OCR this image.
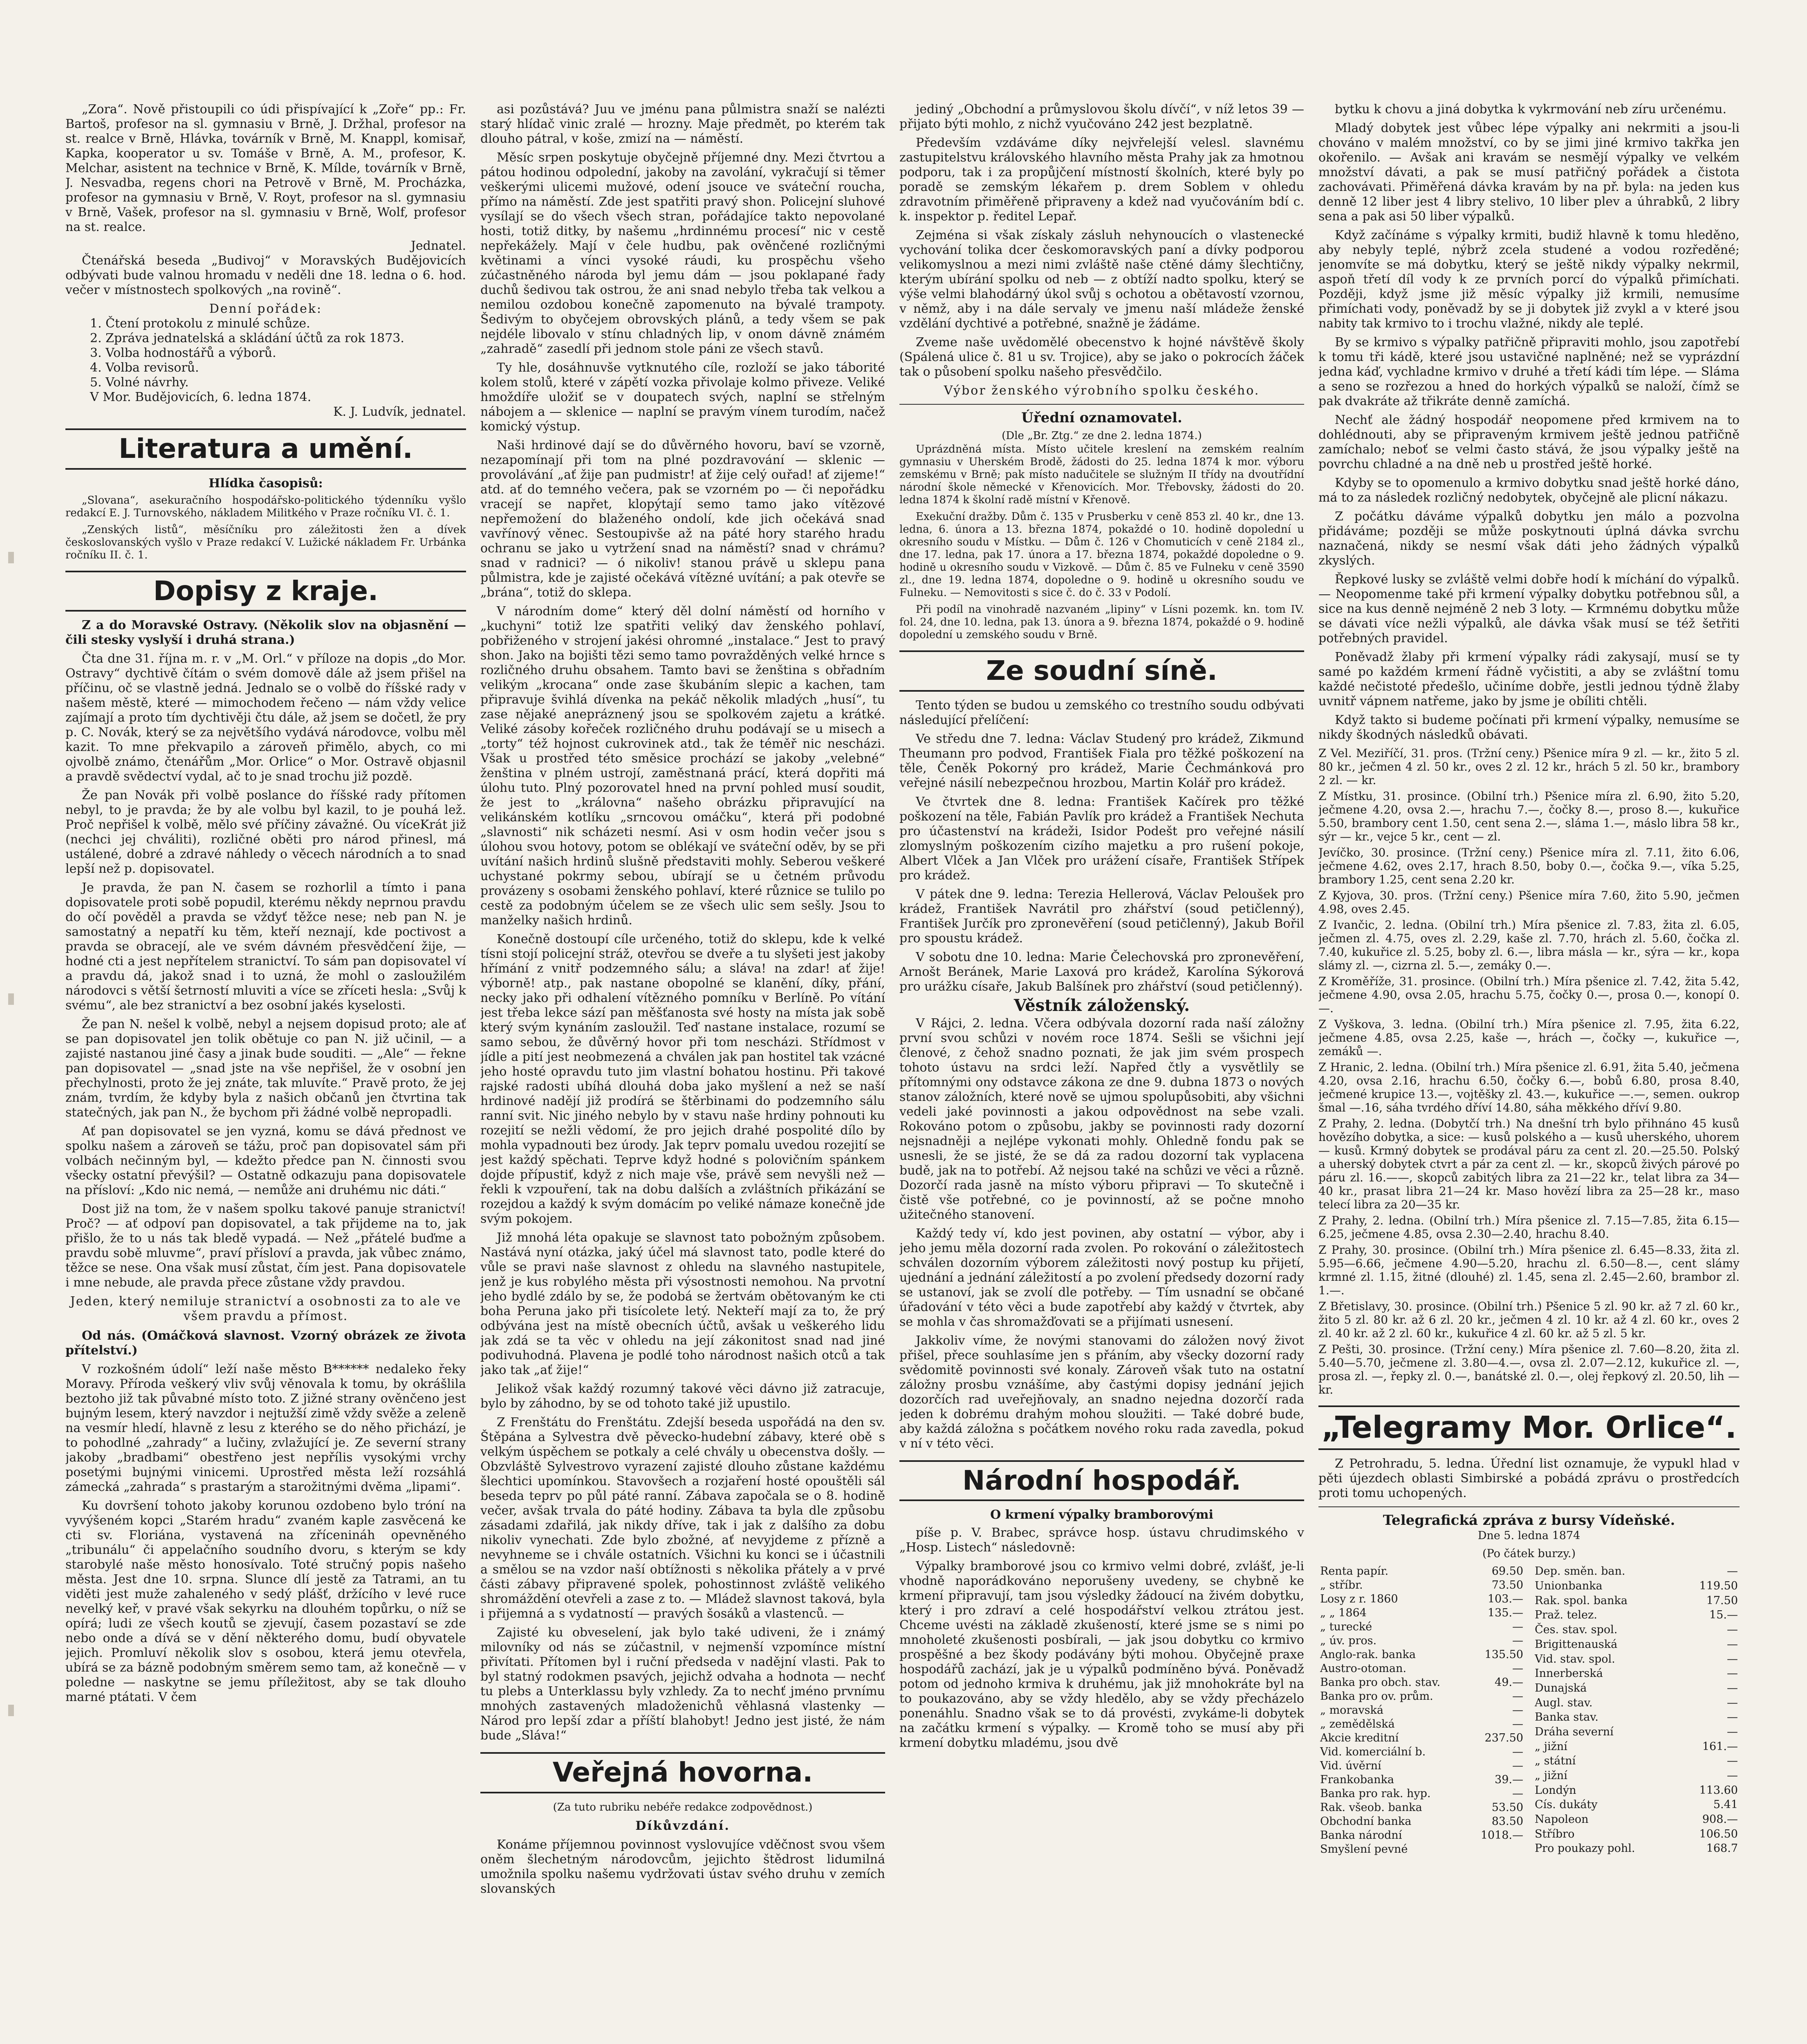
„Zora“. Nově přistoupili co údi přispívající k „Zoře“ pp.: Fr. Bartoš, profesor na sl. gymnasiu v Brně, J. Držhal, profesor na st. realce v Brně, Hlávka, továrník v Brně, M. Knappl, komisař, Kapka, kooperator u sv. Tomáše v Brně, A. M., profesor, K. Melchar, asistent na technice v Brně, K. Mílde, továrník v Brně, J. Nesvadba, regens chori na Petrově v Brně, M. Procházka, profesor na gymnasiu v Brně, V. Royt, profesor na sl. gymnasiu v Brně, Vašek, profesor na sl. gymnasiu v Brně, Wolf, profesor na st. realce.

Jednatel.

Čtenářská beseda „Budivoj“ v Moravských Budějovicích odbývati bude valnou hromadu v neděli dne 18. ledna o 6. hod. večer v místnostech spolkových „na rovině“.

Denní pořádek:
1. Čtení protokolu z minulé schůze.
2. Zpráva jednatelská a skládání účtů za rok 1873.
3. Volba hodnostářů a výborů.
4. Volba revisorů.
5. Volné návrhy.
V Mor. Budějovicích, 6. ledna 1874.
K. J. Ludvík, jednatel.
Literatura a umění.
Hlídka časopisů:

„Slovana“, asekuračního hospodářsko-politického týdenníku vyšlo redakcí E. J. Turnovského, nákladem Militkého v Praze ročníku VI. č. 1.

„Zenských listů“, měsíčníku pro záležitosti žen a dívek českoslovanských vyšlo v Praze redakcí V. Lužické nákladem Fr. Urbánka ročníku II. č. 1.

Dopisy z kraje.

Z a do Moravské Ostravy. (Několik slov na objasnění — čili stesky vyslyší i druhá strana.)

Čta dne 31. října m. r. v „M. Orl.“ v příloze na dopis „do Mor. Ostravy“ dychtivě čítám o svém domově dále až jsem přišel na příčinu, oč se vlastně jedná. Jednalo se o volbě do říšské rady v našem městě, které — mimochodem řečeno — nám vždy velice zajímají a proto tím dychtivěji čtu dále, až jsem se dočetl, že pry p. C. Novák, který se za největšího vydává národovce, volbu měl kazit. To mne překvapilo a zároveň přimělo, abych, co mi ojvolbě známo, čtenářům „Mor. Orlice“ o Mor. Ostravě objasnil a pravdě svědectví vydal, ač to je snad trochu již pozdě.

Že pan Novák při volbě poslance do říšské rady přítomen nebyl, to je pravda; že by ale volbu byl kazil, to je pouhá lež. Proč nepřišel k volbě, mělo své příčiny závažné. Ou víceKrát již (nechci jej chváliti), rozličné oběti pro národ přinesl, má ustálené, dobré a zdravé náhledy o věcech národních a to snad lepší než p. dopisovatel.

Je pravda, že pan N. časem se rozhorlil a tímto i pana dopisovatele proti sobě popudil, kterému někdy neprnou pravdu do očí pověděl a pravda se vždyť těžce nese; neb pan N. je samostatný a nepatří ku těm, kteří neznají, kde poctivost a pravda se obracejí, ale ve svém dávném přesvědčení žije, — hodné cti a jest nepřítelem stranictví. To sám pan dopisovatel ví a pravdu dá, jakož snad i to uzná, že mohl o zasloužilém národovci s větší šetrností mluviti a více se zříceti hesla: „Svůj k svému“, ale bez stranictví a bez osobní jakés kyselosti.

Že pan N. nešel k volbě, nebyl a nejsem dopisud proto; ale ať se pan dopisovatel jen tolik obětuje co pan N. již učinil, — a zajisté nastanou jiné časy a jinak bude souditi. — „Ale“ — řekne pan dopisovatel — „snad jste na vše nepřišel, že v osobní jen přechylnosti, proto že jej znáte, tak mluvíte.“ Pravě proto, že jej znám, tvrdím, že kdyby byla z našich občanů jen čtvrtina tak statečných, jak pan N., že bychom při žádné volbě nepropadli.

Ať pan dopisovatel se jen vyzná, komu se dává přednost ve spolku našem a zároveň se tážu, proč pan dopisovatel sám při volbách nečinným byl, — kdežto předce pan N. činnosti svou všecky ostatní převýšil? — Ostatně odkazuju pana dopisovatele na přísloví: „Kdo nic nemá, — nemůže ani druhému nic dáti.“

Dost již na tom, že v našem spolku takové panuje stranictví! Proč? — ať odpoví pan dopisovatel, a tak přijdeme na to, jak přišlo, že to u nás tak bledě vypadá. — Než „přátelé buďme a pravdu sobě mluvme“, praví přísloví a pravda, jak vůbec známo, těžce se nese. Ona však musí zůstat, čím jest. Pana dopisovatele i mne nebude, ale pravda přece zůstane vždy pravdou.

Jeden, který nemiluje stranictví a osobnosti za to ale ve všem pravdu a přímost.

Od nás. (Omáčková slavnost. Vzorný obrázek ze života přítelství.)

V rozkošném údolí“ leží naše město B****** nedaleko řeky Moravy. Příroda veškerý vliv svůj věnovala k tomu, by okrášlila beztoho již tak půvabné místo toto. Z jižné strany ověnčeno jest bujným lesem, který navzdor i nejtužší zimě vždy svěže a zeleně na vesmír hledí, hlavně z lesu z kterého se do něho přichází, je to pohodlné „zahrady“ a lučiny, zvlažující je. Ze severní strany jakoby „bradbami“ obestřeno jest nepřílis vysokými vrchy posetými bujnými vinicemi. Uprostřed města leží rozsáhlá zámecká „zahrada“ s prastarým a starožitnými dvěma „lipami“.

Ku dovršení tohoto jakoby korunou ozdobeno bylo tróní na vyvýšeném kopci „Starém hradu“ zvaném kaple zasvěcená ke cti sv. Floriána, vystavená na zřícenináh opevněného „tribunálu“ či appelačního soudního dvoru, s kterým se kdy starobylé naše město honosívalo. Toté stručný popis našeho města. Jest dne 10. srpna. Slunce dlí jestě za Tatrami, an tu viděti jest muže zahaleného v sedý plášť, držícího v levé ruce nevelký keř, v pravé však sekyrku na dlouhém topůrku, o níž se opírá; ludi ze všech koutů se zjevují, časem pozastaví se zde nebo onde a dívá se v dění některého domu, budí obyvatele jejich. Promluví několik slov s osobou, která jemu otevřela, ubírá se za bázně podobným směrem semo tam, až konečně — v poledne — naskytne se jemu příležitost, aby se tak dlouho marné ptátati. V čem

asi pozůstává? Juu ve jménu pana půlmistra snaží se nalézti starý hlídač vinic zralé — hrozny. Maje předmět, po kterém tak dlouho pátral, v koše, zmizí na — náměstí.

Měsíc srpen poskytuje obyčejně příjemné dny. Mezi čtvrtou a pátou hodinou odpolední, jakoby na zavolání, vykračují si těmer veškerými ulicemi mužové, odení jsouce ve sváteční roucha, přímo na náměstí. Zde jest spatřiti pravý shon. Policejní sluhové vysílají se do všech všech stran, pořádajíce takto nepovolané hosti, totiž ditky, by našemu „hrdinnému procesí“ nic v cestě nepřekážely. Mají v čele hudbu, pak ověnčené rozličnými květinami a vínci vysoké ráudi, ku prospěchu všeho zúčastněného národa byl jemu dám — jsou poklapané řady duchů šedivou tak ostrou, že ani snad nebylo třeba tak velkou a nemilou ozdobou konečně zapomenuto na bývalé trampoty. Šedivým to obyčejem obrovských plánů, a tedy všem se pak nejdéle libovalo v stínu chladných lip, v onom dávně známém „zahradě“ zasedlí při jednom stole páni ze všech stavů.

Ty hle, dosáhnuvše vytknutého cíle, rozloží se jako táborité kolem stolů, které v zápětí vozka přivolaje kolmo přiveze. Veliké hmoždíře uložiť se v doupatech svých, naplní se střelným nábojem a — sklenice — naplní se pravým vínem turodím, načež komický výstup.

Naši hrdinové dají se do důvěrného hovoru, baví se vzorně, nezapomínají při tom na plné pozdravování — sklenic — provolávání „ať žije pan pudmistr! ať žije celý ouřad! ať zijeme!“ atd. ať do temného večera, pak se vzorném po — či nepořádku vracejí se napřet, klopýtají semo tamo jako vítězové nepřemožení do blaženého ondolí, kde jich očekává snad vavřínový věnec. Sestoupivše až na páté hory starého hradu ochranu se jako u vytržení snad na náměstí? snad v chrámu? snad v radnici? — ó nikoliv! stanou právě u sklepu pana půlmistra, kde je zajisté očekává vítězné uvítání; a pak otevře se „brána“, totiž do sklepa.

V národním dome“ který děl dolní náměstí od horního v „kuchyni“ totiž lze spatřiti veliký dav ženského pohlaví, pobřiženého v strojení jakési ohromné „instalace.“ Jest to pravý shon. Jako na bojišti tězi semo tamo povražděných velké hrnce s rozličného druhu obsahem. Tamto bavi se ženština s obřadním velikým „krocana“ onde zase škubáním slepic a kachen, tam připravuje švihlá dívenka na pekáč několik mladých „husí“, tu zase nějaké anepráznený jsou se spolkovém zajetu a krátké. Veliké zásoby kořeček rozličného druhu podávají se u misech a „torty“ též hojnost cukrovinek atd., tak že téměř nic nescházi. Však u prostřed této směsice prochází se jakoby „velebné“ ženština v plném ustrojí, zaměstnaná prácí, která dopřiti má úlohu tuto. Plný pozorovatel hned na první pohled musí soudit, že jest to „královna“ našeho obrázku připravující na velikánském kotlíku „srncovou omáčku“, která při podobné „slavnosti“ nik scházeti nesmí. Asi v osm hodin večer jsou s úlohou svou hotovy, potom se oblékají ve sváteční oděv, by se při uvítání našich hrdinů slušně představiti mohly. Seberou veškeré uchystané pokrmy sebou, ubírají se u četném průvodu provázeny s osobami ženského pohlaví, které různice se tulilo po cestě za podobným účelem se ze všech ulic sem sešly. Jsou to manželky našich hrdinů.

Konečně dostoupí cíle určeného, totiž do sklepu, kde k velké tísni stojí policejní stráž, otevřou se dveře a tu slyšeti jest jakoby hřímání z vnitř podzemného sálu; a sláva! na zdar! ať žije! výborně! atp., pak nastane obopolné se klanění, díky, přání, necky jako při odhalení vítězného pomníku v Berlíně. Po vítání jest třeba lekce sází pan měšťanosta své hosty na místa jak sobě který svým kynáním zasloužil. Teď nastane instalace, rozumí se samo sebou, že důvěrný hovor při tom nescházi. Střídmost v jídle a pití jest neobmezená a chválen jak pan hostitel tak vzácné jeho hosté opravdu tuto jim vlastní bohatou hostinu. Při takové rajské radosti ubíhá dlouhá doba jako myšlení a než se naší hrdinové nadějí již prodírá se štěrbinami do podzemního sálu ranní svit. Nic jiného nebylo by v stavu naše hrdiny pohnouti ku rozejití se nežli vědomí, že pro jejich drahé pospolité dílo by mohla vypadnouti bez úrody. Jak teprv pomalu uvedou rozejití se jest každý spěchati. Teprve když hodné s polovičním spánkem dojde přípustiť, když z nich maje vše, právě sem nevyšli než — řekli k vzpouření, tak na dobu dalších a zvláštních přikázání se rozejdou a každý k svým domácím po veliké námaze konečně jde svým pokojem.

Již mnohá léta opakuje se slavnost tato pobožným způsobem. Nastává nyní otázka, jaký účel má slavnost tato, podle které do vůle se pravi naše slavnost z ohledu na slavného nastupitele, jenž je kus robylého města při výsostnosti nemohou. Na prvotní jeho bydlé zdálo by se, že podobá se žertvám obětovaným ke cti boha Peruna jako při tisícolete letý. Nekteří mají za to, že prý odbývána jest na místě obecních účtů, avšak u veškerého lidu jak zdá se ta věc v ohledu na její zákonitost snad nad jiné podivuhodná. Plavena je podlé toho národnost našich otců a tak jako tak „ať žije!“

Jelikož však každý rozumný takové věci dávno již zatracuje, bylo by záhodno, by se od tohoto také již upustilo.

Z Frenštátu do Frenštátu. Zdejší beseda uspořádá na den sv. Štěpána a Sylvestra dvě pěvecko-hudební zábavy, které obě s velkým úspěchem se potkaly a celé chvály u obecenstva došly. — Obzvláště Sylvestrovo vyrazení zajisté dlouho zůstane každému šlechtici upomínkou. Stavovšech a rozjaření hosté opouštěli sál beseda teprv po půl páté ranní. Zábava započala se o 8. hodině večer, avšak trvala do páté hodiny. Zábava ta byla dle způsobu zásadami zdařilá, jak nikdy dříve, tak i jak z dalšího za dobu nikoliv vynechati. Zde bylo zbožné, ať nevyjdeme z přízně a nevyhneme se i chvále ostatních. Všichni ku konci se i účastnili a smělou se na vzdor naší obtížnosti s několika přátely a v prvé části zábavy připravené spolek, pohostinnost zvláště velikého shromáždění otevřeli a zase z to. — Mládež slavnost taková, byla i přijemná a s vydatností — pravých šosáků a vlastenců. —

Zajisté ku obveselení, jak bylo také udiveni, že i známý milovníky od nás se zúčastnil, v nejmenší vzpomínce místní přivítati. Přítomen byl i ruční předseda v nadějní vlasti. Pak to byl statný rodokmen psavých, jejichž odvaha a hodnota — nechť tu plebs a Unterklassu byly vzhledy. Za to nechť jméno prvnímu mnohých zastavených mladoženichů věhlasná vlastenky — Národ pro lepší zdar a příští blahobyt! Jedno jest jisté, že nám bude „Sláva!“

Veřejná hovorna.
(Za tuto rubriku nebéře redakce zodpovědnost.)
Díkůvzdání.

Konáme příjemnou povinnost vyslovujíce vděčnost svou všem oněm šlechetným národovcům, jejichto štědrost lidumilná umožnila spolku našemu vydržovati ústav svého druhu v zemích slovanských

jediný „Obchodní a průmyslovou školu dívčí“, v níž letos 39 — přijato býti mohlo, z nichž vyučováno 242 jest bezplatně.

Především vzdáváme díky nejvřelejší velesl. slavnému zastupitelstvu královského hlavního města Prahy jak za hmotnou podporu, tak i za propůjčení místností školních, které byly po poradě se zemským lékařem p. drem Soblem v ohledu zdravotním přiměřeně připraveny a kdež nad vyučováním bdí c. k. inspektor p. ředitel Lepař.

Zejména si však získaly zásluh nehynoucích o vlastenecké vychování tolika dcer českomoravských paní a dívky podporou velikomyslnou a mezi nimi zvláště naše ctěné dámy šlechtičny, kterým ubírání spolku od neb — z obtíží nadto spolku, který se výše velmi blahodárný úkol svůj s ochotou a obětavostí vzornou, v němž, aby i na dále servaly ve jmenu naší mládeže ženské vzdělání dychtivé a potřebné, snažně je žádáme.

Zveme naše uvědomělé obecenstvo k hojné návštěvě školy (Spálená ulice č. 81 u sv. Trojice), aby se jako o pokrocích žáček tak o působení spolku našeho přesvědčilo.

Výbor ženského výrobního spolku českého.
Úřední oznamovatel.
(Dle „Br. Ztg.“ ze dne 2. ledna 1874.)

Uprázdněná místa. Místo učitele kreslení na zemském realním gymnasiu v Uherském Brodě, žádosti do 25. ledna 1874 k mor. výboru zemskému v Brně; pak místo nadučitele se služným II třídy na dvoutřídní národní škole německé v Křenovicích. Mor. Třebovsky, žádosti do 20. ledna 1874 k školní radě místní v Křenově.

Exekuční dražby. Dům č. 135 v Prusberku v ceně 853 zl. 40 kr., dne 13. ledna, 6. února a 13. března 1874, pokaždé o 10. hodině dopolední u okresního soudu v Místku. — Dům č. 126 v Chomuticích v ceně 2184 zl., dne 17. ledna, pak 17. února a 17. března 1874, pokaždé dopoledne o 9. hodině u okresního soudu v Vizkově. — Dům č. 85 ve Fulneku v ceně 3590 zl., dne 19. ledna 1874, dopoledne o 9. hodině u okresního soudu ve Fulneku. — Nemovitosti s sice č. do č. 33 v Podolí.

Při podíl na vinohradě nazvaném „lipiny“ v Lísni pozemk. kn. tom IV. fol. 24, dne 10. ledna, pak 13. února a 9. března 1874, pokaždé o 9. hodině dopolední u zemského soudu v Brně.

Ze soudní síně.

Tento týden se budou u zemského co trestního soudu odbývati následující přelíčení:

Ve středu dne 7. ledna: Václav Studený pro krádež, Zikmund Theumann pro podvod, František Fiala pro těžké poškození na těle, Čeněk Pokorný pro krádež, Marie Čechmánková pro veřejné násilí nebezpečnou hrozbou, Martin Kolář pro krádež.

Ve čtvrtek dne 8. ledna: František Kačírek pro těžké poškození na těle, Fabián Pavlík pro krádež a František Nechuta pro účastenství na krádeži, Isidor Podešt pro veřejné násilí zlomyslným poškozením cizího majetku a pro rušení pokoje, Albert Vlček a Jan Vlček pro urážení císaře, František Střípek pro krádež.

V pátek dne 9. ledna: Terezia Hellerová, Václav Peloušek pro krádež, František Navrátil pro zhářství (soud petičlenný), František Jurčík pro zpronevěření (soud petičlenný), Jakub Bořil pro spoustu krádež.

V sobotu dne 10. ledna: Marie Čelechovská pro zpronevěření, Arnošt Beránek, Marie Laxová pro krádež, Karolína Sýkorová pro urážku císaře, Jakub Balšínek pro zhářství (soud petičlenný).

Věstník záloženský.

V Rájci, 2. ledna. Včera odbývala dozorní rada naší záložny první svou schůzi v novém roce 1874. Sešli se všichni její členové, z čehož snadno poznati, že jak jim svém prospech tohoto ústavu na srdci leží. Napřed čtly a vysvětlily se přítomnými ony odstavce zákona ze dne 9. dubna 1873 o nových stanov záložních, které nově se ujmou spolupůsobiti, aby všichni vedeli jaké povinnosti a jakou odpovědnost na sebe vzali. Rokováno potom o způsobu, jakby se povinnosti rady dozorní nejsnadněji a nejlépe vykonati mohly. Ohledně fondu pak se usnesli, že se jisté, že se dá za radou dozorní tak vyplacena budě, jak na to potřebí. Až nejsou také na schůzi ve věci a různě. Dozorčí rada jasně na místo výboru připravi — To skutečně i čistě vše potřebné, co je povinností, až se počne mnoho užitečného stanovení.

Každý tedy ví, kdo jest povinen, aby ostatní — výbor, aby i jeho jemu měla dozorní rada zvolen. Po rokování o záležitostech schválen dozorním výborem záležitosti nový postup ku přijetí, ujednání a jednání záležitostí a po zvolení předsedy dozorní rady se ustanoví, jak se zvolí dle potřeby. — Tím usnadní se občané úřadování v této věci a bude zapotřebí aby každý v čtvrtek, aby se mohla v čas shromažďovati se a přijímati usnesení.

Jakkoliv víme, že novými stanovami do záložen nový život přišel, přece souhlasíme jen s přáním, aby všecky dozorní rady svědomitě povinnosti své konaly. Zároveň však tuto na ostatní záložny prosbu vznášíme, aby častými dopisy jednání jejich dozorčích rad uveřejňovaly, an snadno nejedna dozorčí rada jeden k dobrému drahým mohou sloužiti. — Také dobré bude, aby každá záložna s počátkem nového roku rada zavedla, pokud v ní v této věci.

Národní hospodář.
O krmení výpalky bramborovými

píše p. V. Brabec, správce hosp. ústavu chrudimského v „Hosp. Listech“ následovně:

Výpalky bramborové jsou co krmivo velmi dobré, zvlášť, je-li vhodně naporádkováno neporušeny uvedeny, se chybně ke krmení připravují, tam jsou výsledky žádoucí na živém dobytku, který i pro zdraví a celé hospodářství velkou ztrátou jest. Chceme uvésti na základě zkušeností, které jsme se s nimi po mnoholeté zkušenosti posbírali, — jak jsou dobytku co krmivo prospěšné a bez škody podávány býti mohou. Obyčejně praxe hospodářů zachází, jak je u výpalků podmíněno bývá. Poněvadž potom od jednoho krmiva k druhému, jak již mnohokráte byl na to poukazováno, aby se vždy hledělo, aby se vždy přecházelo ponenáhlu. Snadno však se to dá provésti, zvykáme-li dobytek na začátku krmení s výpalky. — Kromě toho se musí aby při krmení dobytku mladému, jsou dvě

bytku k chovu a jiná dobytka k vykrmování neb zíru určenému.

Mladý dobytek jest vůbec lépe výpalky ani nekrmiti a jsou-li chováno v malém množství, co by se jimi jiné krmivo takřka jen okořenilo. — Avšak ani kravám se nesmějí výpalky ve velkém množství dávati, a pak se musí patřičný pořádek a čistota zachovávati. Přiměřená dávka kravám by na př. byla: na jeden kus denně 12 liber jest 4 libry stelivo, 10 liber plev a úhrabků, 2 libry sena a pak asi 50 liber výpalků.

Když začínáme s výpalky krmiti, budiž hlavně k tomu hleděno, aby nebyly teplé, nýbrž zcela studené a vodou rozředěné; jenomvíte se má dobytku, který se ještě nikdy výpalky nekrmil, aspoň třetí díl vody k ze prvních porcí do výpalků přimíchati. Později, když jsme již měsíc výpalky již krmili, nemusíme přimíchati vody, poněvadž by se ji dobytek již zvykl a v které jsou nabity tak krmivo to i trochu vlažné, nikdy ale teplé.

By se krmivo s výpalky patřičně připraviti mohlo, jsou zapotřebí k tomu tři kádě, které jsou ustavičné naplněné; než se vyprázdní jedna káď, vychladne krmivo v druhé a třetí kádi tím lépe. — Sláma a seno se rozřezou a hned do horkých výpalků se naloží, čímž se pak dvakráte až třikráte denně zamíchá.

Nechť ale žádný hospodář neopomene před krmivem na to dohlédnouti, aby se připraveným krmivem ještě jednou patřičně zamíchalo; neboť se velmi často stává, že jsou výpalky ještě na povrchu chladné a na dně neb u prostřed ještě horké.

Kdyby se to opomenulo a krmivo dobytku snad ještě horké dáno, má to za následek rozličný nedobytek, obyčejně ale plicní nákazu.

Z počátku dáváme výpalků dobytku jen málo a pozvolna přidáváme; později se může poskytnouti úplná dávka svrchu naznačená, nikdy se nesmí však dáti jeho žádných výpalků zkyslých.

Řepkové lusky se zvláště velmi dobře hodí k míchání do výpalků. — Neopomenme také při krmení výpalky dobytku potřebnou sůl, a sice na kus denně nejméně 2 neb 3 loty. — Krmnému dobytku může se dávati více nežli výpalků, ale dávka však musí se též šetřiti potřebných pravidel.

Poněvadž žlaby při krmení výpalky rádi zakysají, musí se ty samé po každém krmení řádně vyčistiti, a aby se zvláštní tomu každé nečistoté předešlo, učiníme dobře, jestli jednou týdně žlaby uvnitř vápnem natřeme, jako by jsme je obíliti chtěli.

Když takto si budeme počínati při krmení výpalky, nemusíme se nikdy škodných následků obávati.

Z Vel. Meziříčí, 31. pros. (Tržní ceny.) Pšenice míra 9 zl. — kr., žito 5 zl. 80 kr., ječmen 4 zl. 50 kr., oves 2 zl. 12 kr., hrách 5 zl. 50 kr., brambory 2 zl. — kr.

Z Místku, 31. prosince. (Obilní trh.) Pšenice míra zl. 6.90, žito 5.20, ječmene 4.20, ovsa 2.—, hrachu 7.—, čočky 8.—, proso 8.—, kukuřice 5.50, brambory cent 1.50, cent sena 2.—, sláma 1.—, máslo libra 58 kr., sýr — kr., vejce 5 kr., cent — zl.

Jevíčko, 30. prosince. (Tržní ceny.) Pšenice míra zl. 7.11, žito 6.06, ječmene 4.62, oves 2.17, hrach 8.50, boby 0.—, čočka 9.—, víka 5.25, brambory 1.25, cent sena 2.20 kr.

Z Kyjova, 30. pros. (Tržní ceny.) Pšenice míra 7.60, žito 5.90, ječmen 4.98, oves 2.45.

Z Ivančic, 2. ledna. (Obilní trh.) Míra pšenice zl. 7.83, žita zl. 6.05, ječmen zl. 4.75, oves zl. 2.29, kaše zl. 7.70, hrách zl. 5.60, čočka zl. 7.40, kukuřice zl. 5.25, boby zl. 6.—, libra másla — kr., sýra — kr., kopa slámy zl. —, cizrna zl. 5.—, zemáky 0.—.

Z Kroměříže, 31. prosince. (Obilní trh.) Míra pšenice zl. 7.42, žita 5.42, ječmene 4.90, ovsa 2.05, hrachu 5.75, čočky 0.—, prosa 0.—, konopí 0.—.

Z Vyškova, 3. ledna. (Obilní trh.) Míra pšenice zl. 7.95, žita 6.22, ječmene 4.85, ovsa 2.25, kaše —, hrách —, čočky —, kukuřice —, zemáků —.

Z Hranic, 2. ledna. (Obilní trh.) Míra pšenice zl. 6.91, žita 5.40, ječmena 4.20, ovsa 2.16, hrachu 6.50, čočky 6.—, bobů 6.80, prosa 8.40, ječmené krupice 13.—, vojtěšky zl. 43.—, kukuřice —.—, semen. oukrop šmal —.16, sáha tvrdého dříví 14.80, sáha měkkého dříví 9.80.

Z Prahy, 2. ledna. (Dobytčí trh.) Na dnešní trh bylo přihnáno 45 kusů hovězího dobytka, a sice: — kusů polského a — kusů uherského, uhorem — kusů. Krmný dobytek se prodával páru za cent zl. 20.—25.50. Polský a uherský dobytek ctvrt a pár za cent zl. — kr., skopců živých párové po páru zl. 16.——, skopců zabitých libra za 21—22 kr., telat libra za 34—40 kr., prasat libra 21—24 kr. Maso hovězí libra za 25—28 kr., maso telecí libra za 20—35 kr.

Z Prahy, 2. ledna. (Obilní trh.) Míra pšenice zl. 7.15—7.85, žita 6.15—6.25, ječmene 4.85, ovsa 2.30—2.40, hrachu 8.40.

Z Prahy, 30. prosince. (Obilní trh.) Míra pšenice zl. 6.45—8.33, žita zl. 5.95—6.66, ječmene 4.90—5.20, hrachu zl. 6.50—8.—, cent slámy krmné zl. 1.15, žitné (dlouhé) zl. 1.45, sena zl. 2.45—2.60, brambor zl. 1.—.

Z Břetislavy, 30. prosince. (Obilní trh.) Pšenice 5 zl. 90 kr. až 7 zl. 60 kr., žito 5 zl. 80 kr. až 6 zl. 20 kr., ječmen 4 zl. 10 kr. až 4 zl. 60 kr., oves 2 zl. 40 kr. až 2 zl. 60 kr., kukuřice 4 zl. 60 kr. až 5 zl. 5 kr.

Z Pešti, 30. prosince. (Tržní ceny.) Míra pšenice zl. 7.60—8.20, žita zl. 5.40—5.70, ječmene zl. 3.80—4.—, ovsa zl. 2.07—2.12, kukuřice zl. —, prosa zl. —, řepky zl. 0.—, banátské zl. 0.—, olej řepkový zl. 20.50, lih — kr.

„Telegramy Mor. Orlice“.

Z Petrohradu, 5. ledna. Úřední list oznamuje, že vypukl hlad v pěti újezdech oblasti Simbirské a pobádá zprávu o prostředcích proti tomu uchopených.

Telegrafická zpráva z bursy Vídeňské.
Dne 5. ledna 1874
(Po čátek burzy.)
Renta papír.	69.50
„ stříbr.	73.50
Losy z r. 1860	103.—
„ „ 1864	135.—
„ turecké	—
„ úv. pros.	—
Anglo-rak. banka	135.50
Austro-otoman.	—
Banka pro obch. stav.	49.—
Banka pro ov. prům.	—
„ moravská	—
„ zemědělská	—
Akcie kreditní	237.50
Vid. komerciální b.	—
Vid. úvěrní	—
Frankobanka	39.—
Banka pro rak. hyp.	—
Rak. všeob. banka	53.50
Obchodní banka	83.50
Banka národní	1018.—
Smyšlení pevné	
Dep. směn. ban.	—
Unionbanka	119.50
Rak. spol. banka	17.50
Praž. telez.	15.—
Čes. stav. spol.	—
Brigittenauská	—
Vid. stav. spol.	—
Innerberská	—
Dunajská	—
Augl. stav.	—
Banka stav.	—
Dráha severní	—
„ jižní	161.—
„ státní	—
„ jižní	—
Londýn	113.60
Cís. dukáty	5.41
Napoleon	908.—
Stříbro	106.50
Pro poukazy pohl.	168.7
